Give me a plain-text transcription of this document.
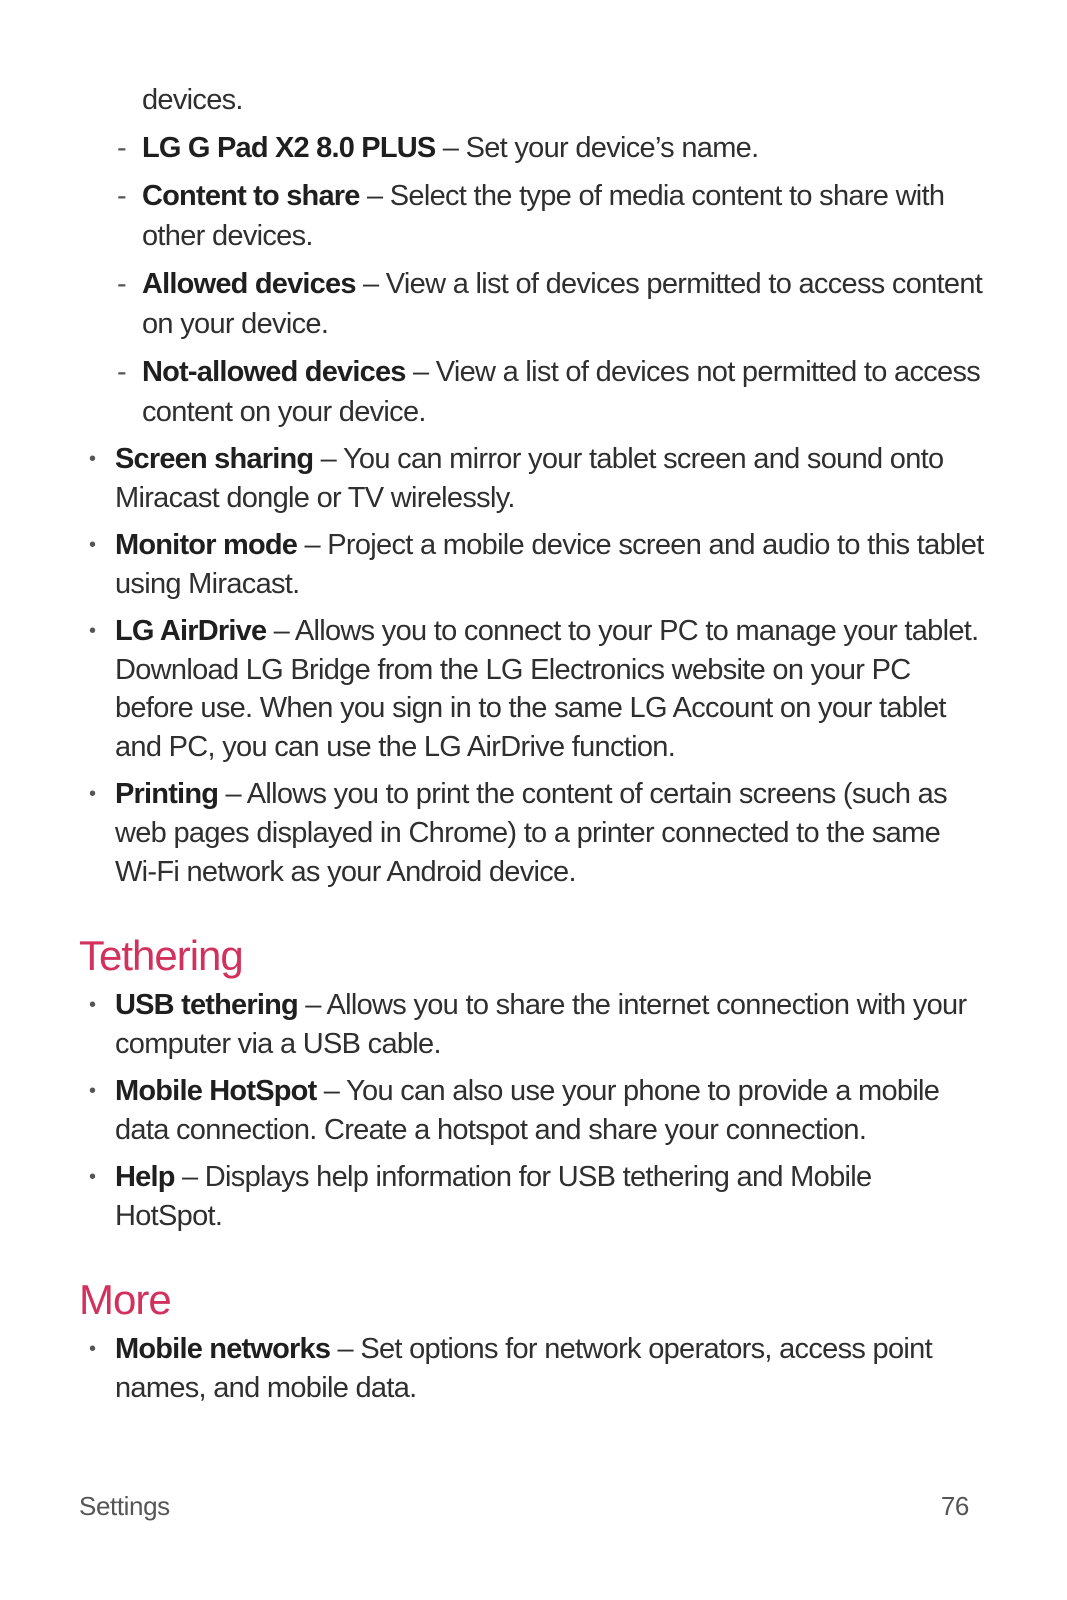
devices.
- LG G Pad X2 8.0 PLUS – Set your device’s name.
- Content to share – Select the type of media content to share with
other devices.
- Allowed devices – View a list of devices permitted to access content
on your device.
- Not-allowed devices – View a list of devices not permitted to access
content on your device.
• Screen sharing – You can mirror your tablet screen and sound onto
Miracast dongle or TV wirelessly.
• Monitor mode – Project a mobile device screen and audio to this tablet
using Miracast.
• LG AirDrive – Allows you to connect to your PC to manage your tablet.
Download LG Bridge from the LG Electronics website on your PC
before use. When you sign in to the same LG Account on your tablet
and PC, you can use the LG AirDrive function.
• Printing – Allows you to print the content of certain screens (such as
web pages displayed in Chrome) to a printer connected to the same
Wi-Fi network as your Android device.
Tethering
• USB tethering – Allows you to share the internet connection with your
computer via a USB cable.
• Mobile HotSpot – You can also use your phone to provide a mobile
data connection. Create a hotspot and share your connection.
• Help – Displays help information for USB tethering and Mobile
HotSpot.
More
• Mobile networks – Set options for network operators, access point
names, and mobile data.
Settings	76
